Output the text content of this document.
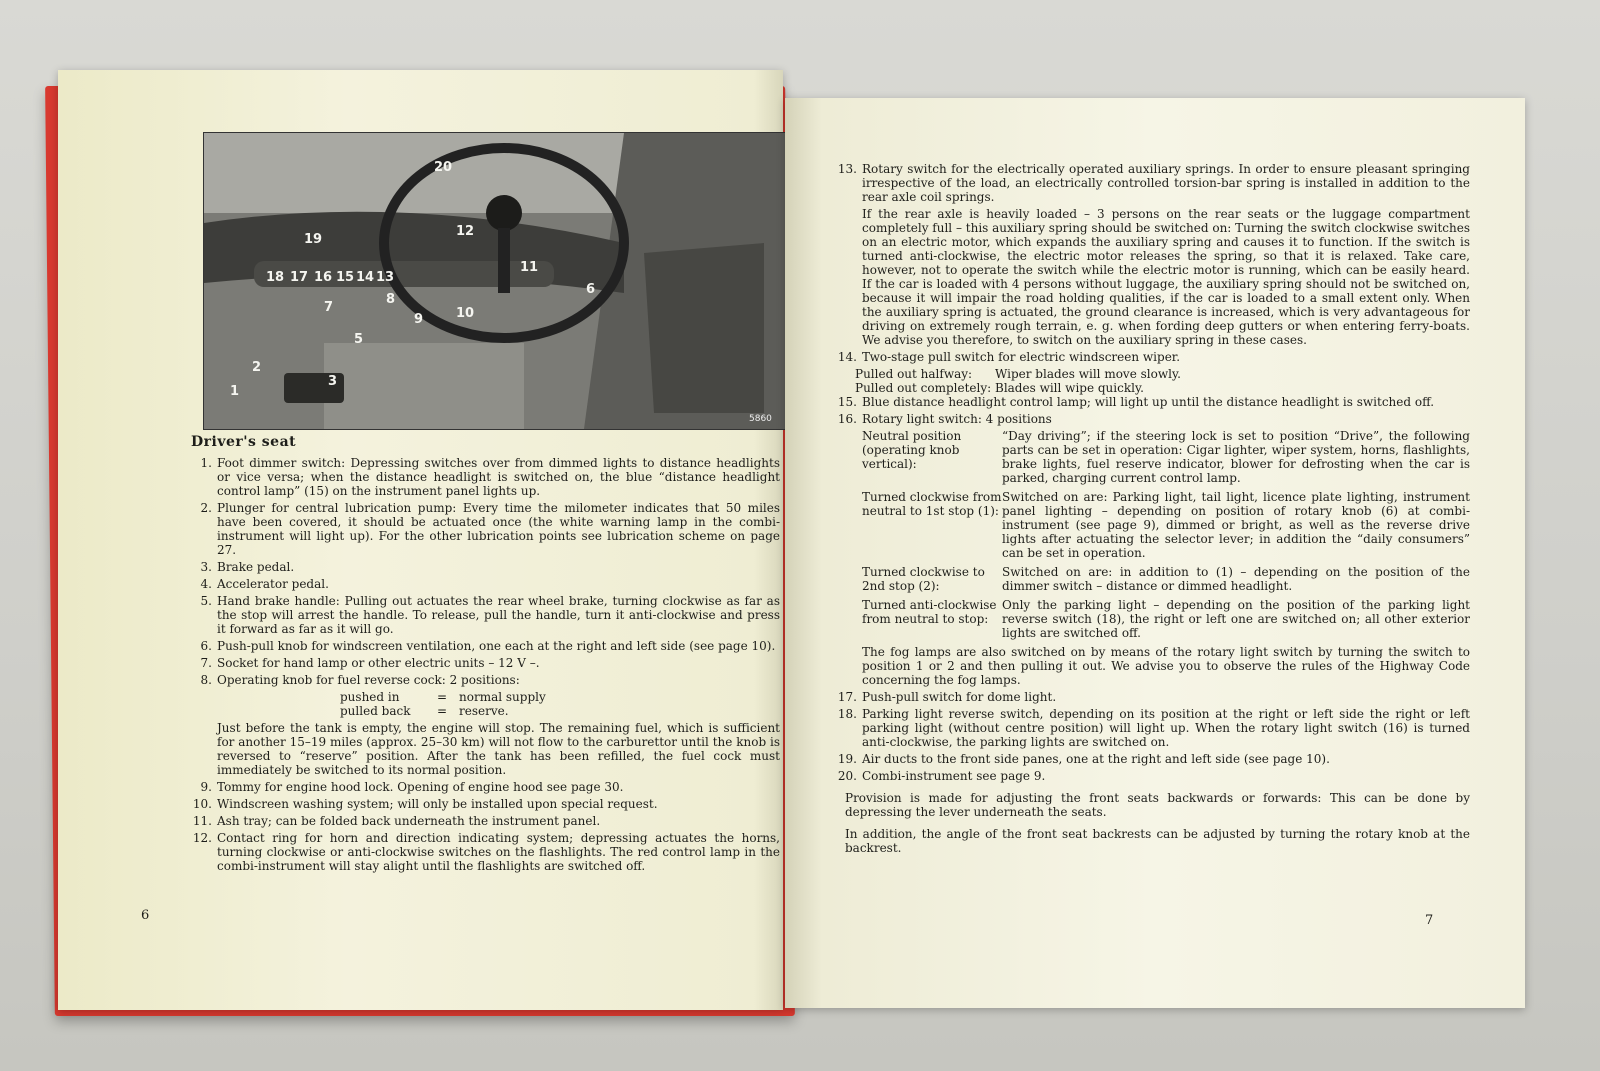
20
19
12
18 17 16 15 14 13
11
6
7
5
8
9	10
2
3
1
5860
Driver's seat
1. Foot dimmer switch: Depressing switches over from dimmed lights to distance headlights or vice versa; when the distance headlight is switched on, the blue “distance headlight control lamp” (15) on the instrument panel lights up.
2. Plunger for central lubrication pump: Every time the milometer indicates that 50 miles have been covered, it should be actuated once (the white warning lamp in the combi-instrument will light up). For the other lubrication points see lubrication scheme on page 27.
3. Brake pedal.
4. Accelerator pedal.
5. Hand brake handle: Pulling out actuates the rear wheel brake, turning clockwise as far as the stop will arrest the handle. To release, pull the handle, turn it anti-clockwise and press it forward as far as it will go.
6. Push-pull knob for windscreen ventilation, one each at the right and left side (see page 10).
7. Socket for hand lamp or other electric units – 12 V –.
8. Operating knob for fuel reverse cock: 2 positions:
pushed in	= normal supply
pulled back	= reserve.
Just before the tank is empty, the engine will stop. The remaining fuel, which is sufficient for another 15–19 miles (approx. 25–30 km) will not flow to the carburettor until the knob is reversed to “reserve” position. After the tank has been refilled, the fuel cock must immediately be switched to its normal position.
9. Tommy for engine hood lock. Opening of engine hood see page 30.
10. Windscreen washing system; will only be installed upon special request.
11. Ash tray; can be folded back underneath the instrument panel.
12. Contact ring for horn and direction indicating system; depressing actuates the horns, turning clockwise or anti-clockwise switches on the flashlights. The red control lamp in the combi-instrument will stay alight until the flashlights are switched off.
6
13. Rotary switch for the electrically operated auxiliary springs. In order to ensure pleasant springing irrespective of the load, an electrically controlled torsion-bar spring is installed in addition to the rear axle coil springs.
If the rear axle is heavily loaded – 3 persons on the rear seats or the luggage compartment completely full – this auxiliary spring should be switched on: Turning the switch clockwise switches on an electric motor, which expands the auxiliary spring and causes it to function. If the switch is turned anti-clockwise, the electric motor releases the spring, so that it is relaxed. Take care, however, not to operate the switch while the electric motor is running, which can be easily heard. If the car is loaded with 4 persons without luggage, the auxiliary spring should not be switched on, because it will impair the road holding qualities, if the car is loaded to a small extent only. When the auxiliary spring is actuated, the ground clearance is increased, which is very advantageous for driving on extremely rough terrain, e. g. when fording deep gutters or when entering ferry-boats. We advise you therefore, to switch on the auxiliary spring in these cases.
14. Two-stage pull switch for electric windscreen wiper.
Pulled out halfway:	Wiper blades will move slowly.
Pulled out completely: Blades will wipe quickly.
15. Blue distance headlight control lamp; will light up until the distance headlight is switched off.
16. Rotary light switch: 4 positions
Neutral position (operating knob vertical):
“Day driving”; if the steering lock is set to position “Drive”, the following parts can be set in operation: Cigar lighter, wiper system, horns, flashlights, brake lights, fuel reserve indicator, blower for defrosting when the car is parked, charging current control lamp.
Turned clockwise from neutral to 1st stop (1):
Switched on are: Parking light, tail light, licence plate lighting, instrument panel lighting – depending on position of rotary knob (6) at combi-instrument (see page 9), dimmed or bright, as well as the reverse drive lights after actuating the selector lever; in addition the “daily consumers” can be set in operation.
Turned clockwise to 2nd stop (2):
Switched on are: in addition to (1) – depending on the position of the dimmer switch – distance or dimmed headlight.
Turned anti-clockwise from neutral to stop:
Only the parking light – depending on the position of the parking light reverse switch (18), the right or left one are switched on; all other exterior lights are switched off.
The fog lamps are also switched on by means of the rotary light switch by turning the switch to position 1 or 2 and then pulling it out. We advise you to observe the rules of the Highway Code concerning the fog lamps.
17. Push-pull switch for dome light.
18. Parking light reverse switch, depending on its position at the right or left side the right or left parking light (without centre position) will light up. When the rotary light switch (16) is turned anti-clockwise, the parking lights are switched on.
19. Air ducts to the front side panes, one at the right and left side (see page 10).
20. Combi-instrument see page 9.
Provision is made for adjusting the front seats backwards or forwards: This can be done by depressing the lever underneath the seats.
In addition, the angle of the front seat backrests can be adjusted by turning the rotary knob at the backrest.
7
